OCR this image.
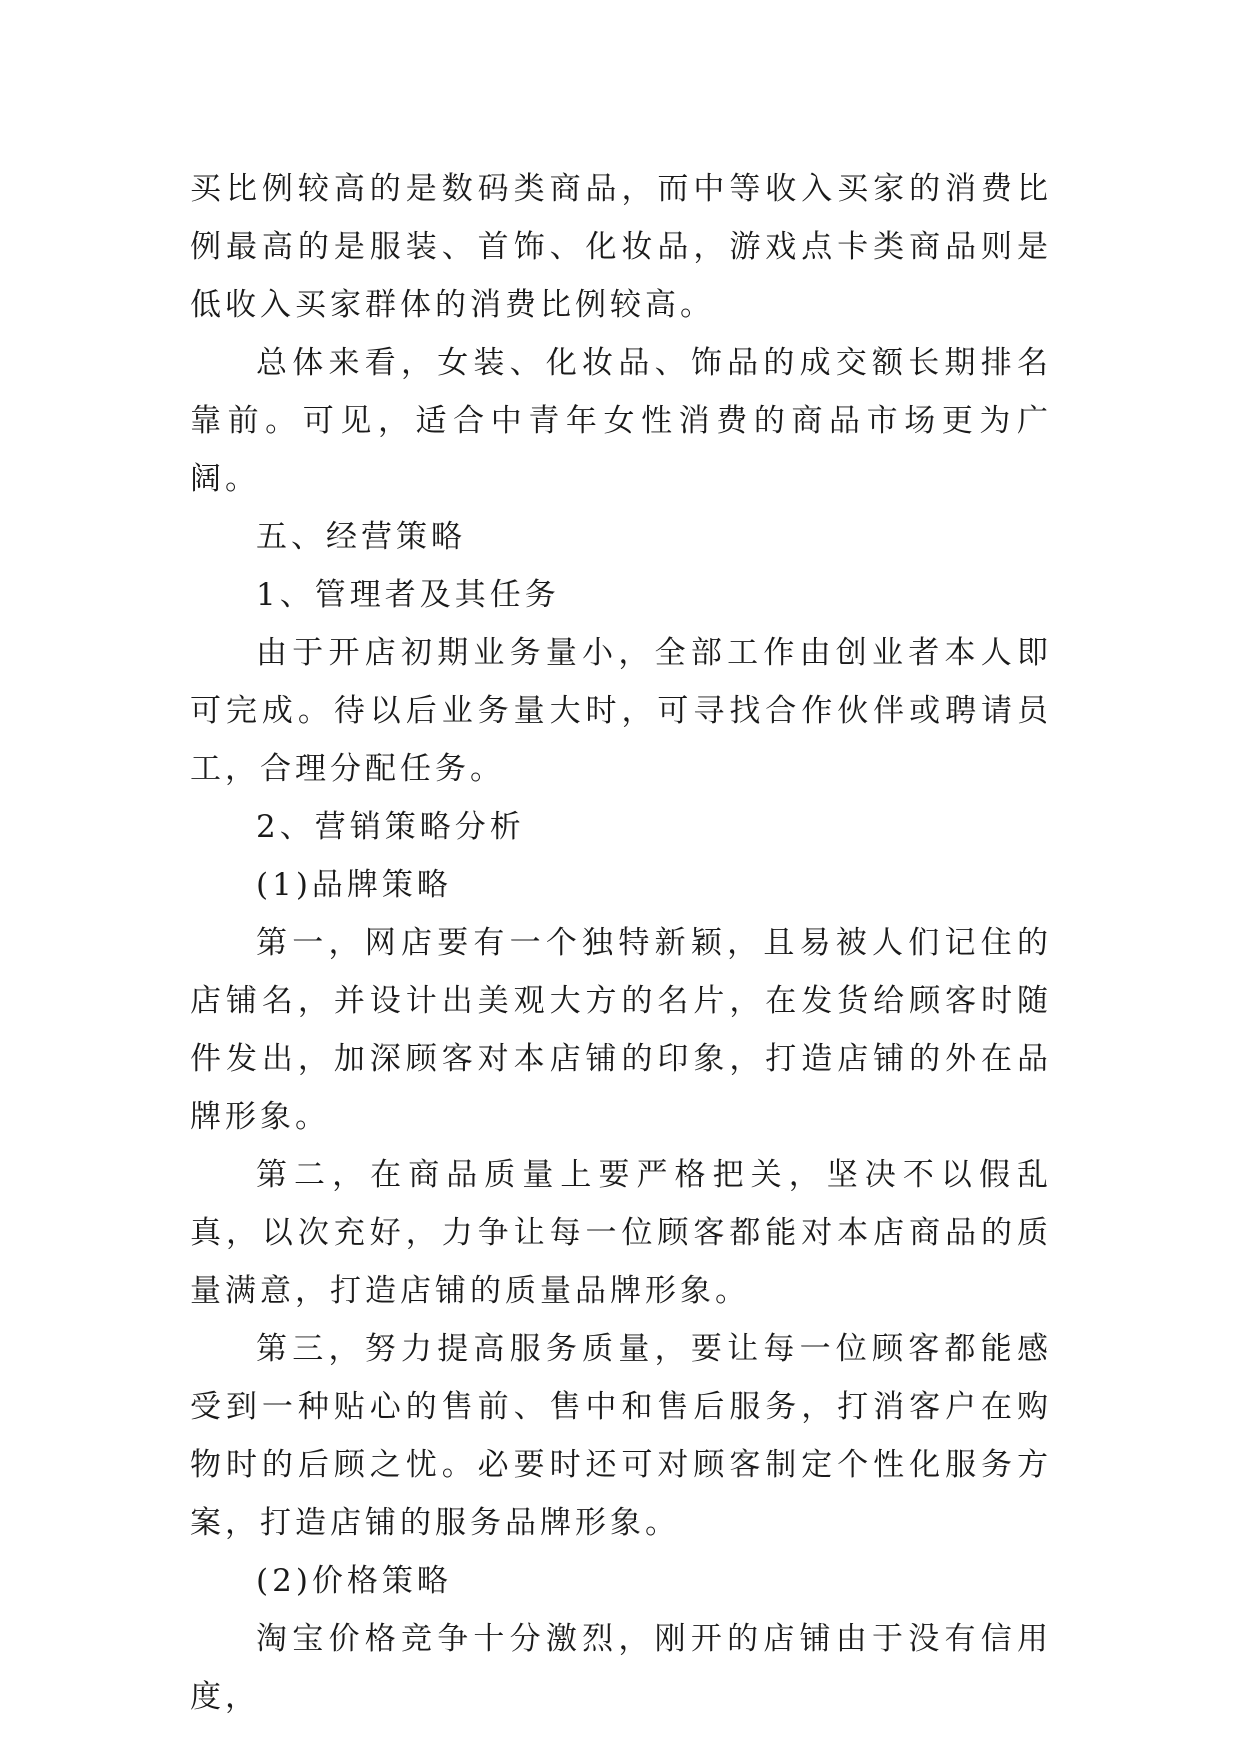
买比例较高的是数码类商品，而中等收入买家的消费比例最高的是服装、首饰、化妆品，游戏点卡类商品则是低收入买家群体的消费比例较高。

总体来看，女装、化妆品、饰品的成交额长期排名靠前。可见，适合中青年女性消费的商品市场更为广阔。

五、经营策略

1、管理者及其任务

由于开店初期业务量小，全部工作由创业者本人即可完成。待以后业务量大时，可寻找合作伙伴或聘请员工，合理分配任务。

2、营销策略分析

(1)品牌策略

第一，网店要有一个独特新颖，且易被人们记住的店铺名，并设计出美观大方的名片，在发货给顾客时随件发出，加深顾客对本店铺的印象，打造店铺的外在品牌形象。

第二，在商品质量上要严格把关，坚决不以假乱真，以次充好，力争让每一位顾客都能对本店商品的质量满意，打造店铺的质量品牌形象。

第三，努力提高服务质量，要让每一位顾客都能感受到一种贴心的售前、售中和售后服务，打消客户在购物时的后顾之忧。必要时还可对顾客制定个性化服务方案，打造店铺的服务品牌形象。

(2)价格策略

淘宝价格竞争十分激烈，刚开的店铺由于没有信用度，
